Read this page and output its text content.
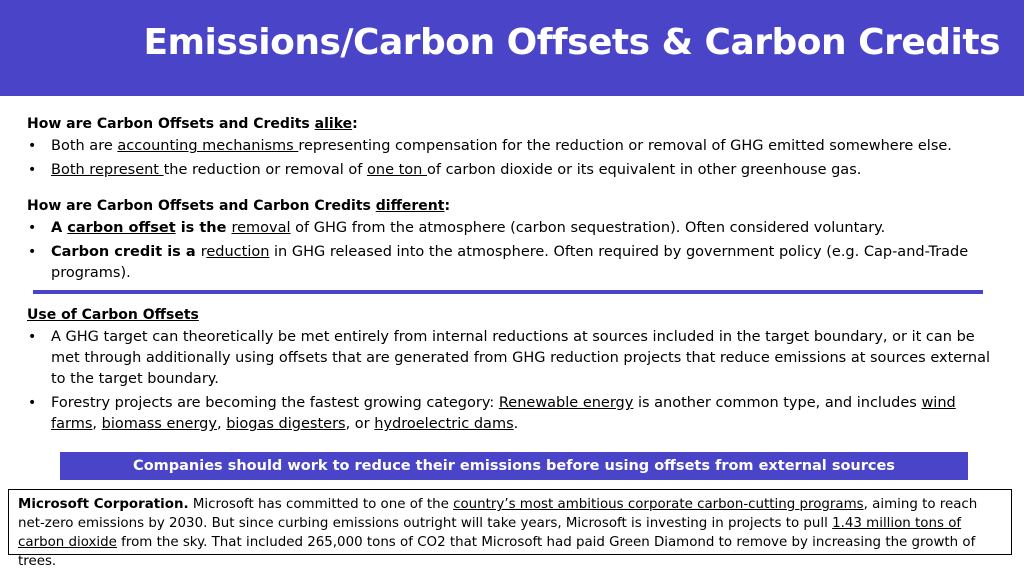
Emissions/Carbon Offsets & Carbon Credits
How are Carbon Offsets and Credits alike:
• Both are accounting mechanisms representing compensation for the reduction or removal of GHG emitted somewhere else.
• Both represent the reduction or removal of one ton of carbon dioxide or its equivalent in other greenhouse gas.
How are Carbon Offsets and Carbon Credits different:
• A carbon offset is the removal of GHG from the atmosphere (carbon sequestration). Often considered voluntary.
• Carbon credit is a reduction in GHG released into the atmosphere. Often required by government policy (e.g. Cap-and-Trade programs).
Use of Carbon Offsets
• A GHG target can theoretically be met entirely from internal reductions at sources included in the target boundary, or it can be met through additionally using offsets that are generated from GHG reduction projects that reduce emissions at sources external to the target boundary.
• Forestry projects are becoming the fastest growing category: Renewable energy is another common type, and includes wind farms, biomass energy, biogas digesters, or hydroelectric dams.
Companies should work to reduce their emissions before using offsets from external sources
Microsoft Corporation. Microsoft has committed to one of the country’s most ambitious corporate carbon-cutting programs, aiming to reach net-zero emissions by 2030. But since curbing emissions outright will take years, Microsoft is investing in projects to pull 1.43 million tons of carbon dioxide from the sky. That included 265,000 tons of CO2 that Microsoft had paid Green Diamond to remove by increasing the growth of trees.
